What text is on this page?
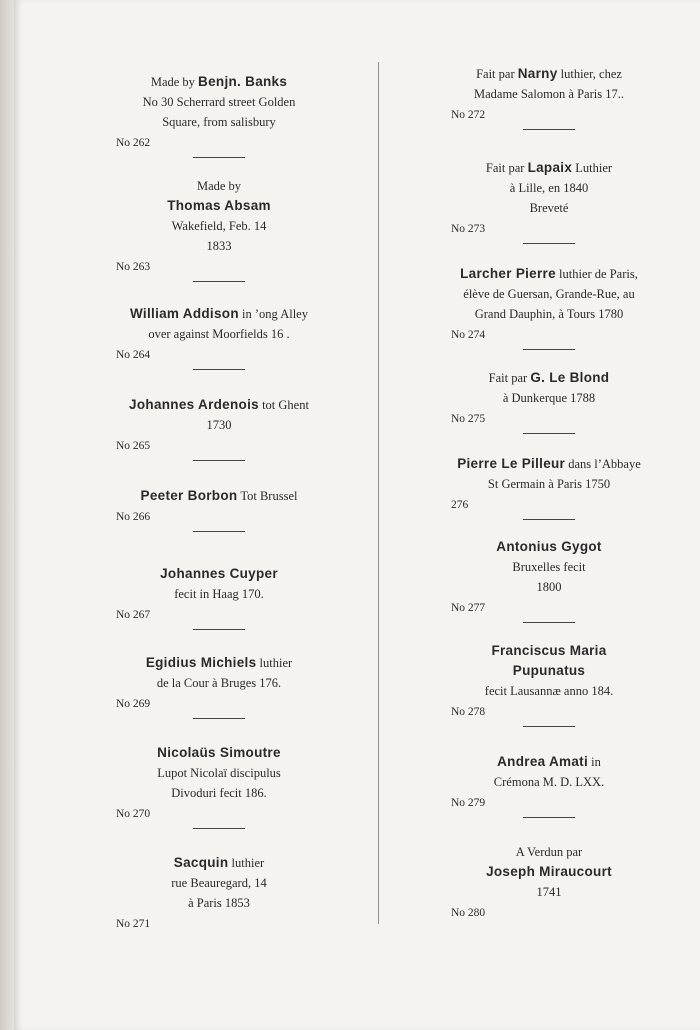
Made by Benjn. Banks
No 30 Scherrard street Golden
Square, from salisbury
No 262
Made by
Thomas Absam
Wakefield, Feb. 14
1833
No 263
William Addison in ’ong Alley
over against Moorfields 16 .
No 264
Johannes Ardenois tot Ghent
1730
No 265
Peeter Borbon Tot Brussel
No 266
Johannes Cuyper
fecit in Haag 170.
No 267
Egidius Michiels luthier
de la Cour à Bruges 176.
No 269
Nicolaüs Simoutre
Lupot Nicolaï discipulus
Divoduri fecit 186.
No 270
Sacquin luthier
rue Beauregard, 14
à Paris 1853
No 271
Fait par Narny luthier, chez
Madame Salomon à Paris 17..
No 272
Fait par Lapaix Luthier
à Lille, en 1840
Breveté
No 273
Larcher Pierre luthier de Paris,
élève de Guersan, Grande-Rue, au
Grand Dauphin, à Tours 1780
No 274
Fait par G. Le Blond
à Dunkerque 1788
No 275
Pierre Le Pilleur dans l’Abbaye
St Germain à Paris 1750
276
Antonius Gygot
Bruxelles fecit
1800
No 277
Franciscus Maria
Pupunatus
fecit Lausannæ anno 184.
No 278
Andrea Amati in
Crémona M. D. LXX.
No 279
A Verdun par
Joseph Miraucourt
1741
No 280
